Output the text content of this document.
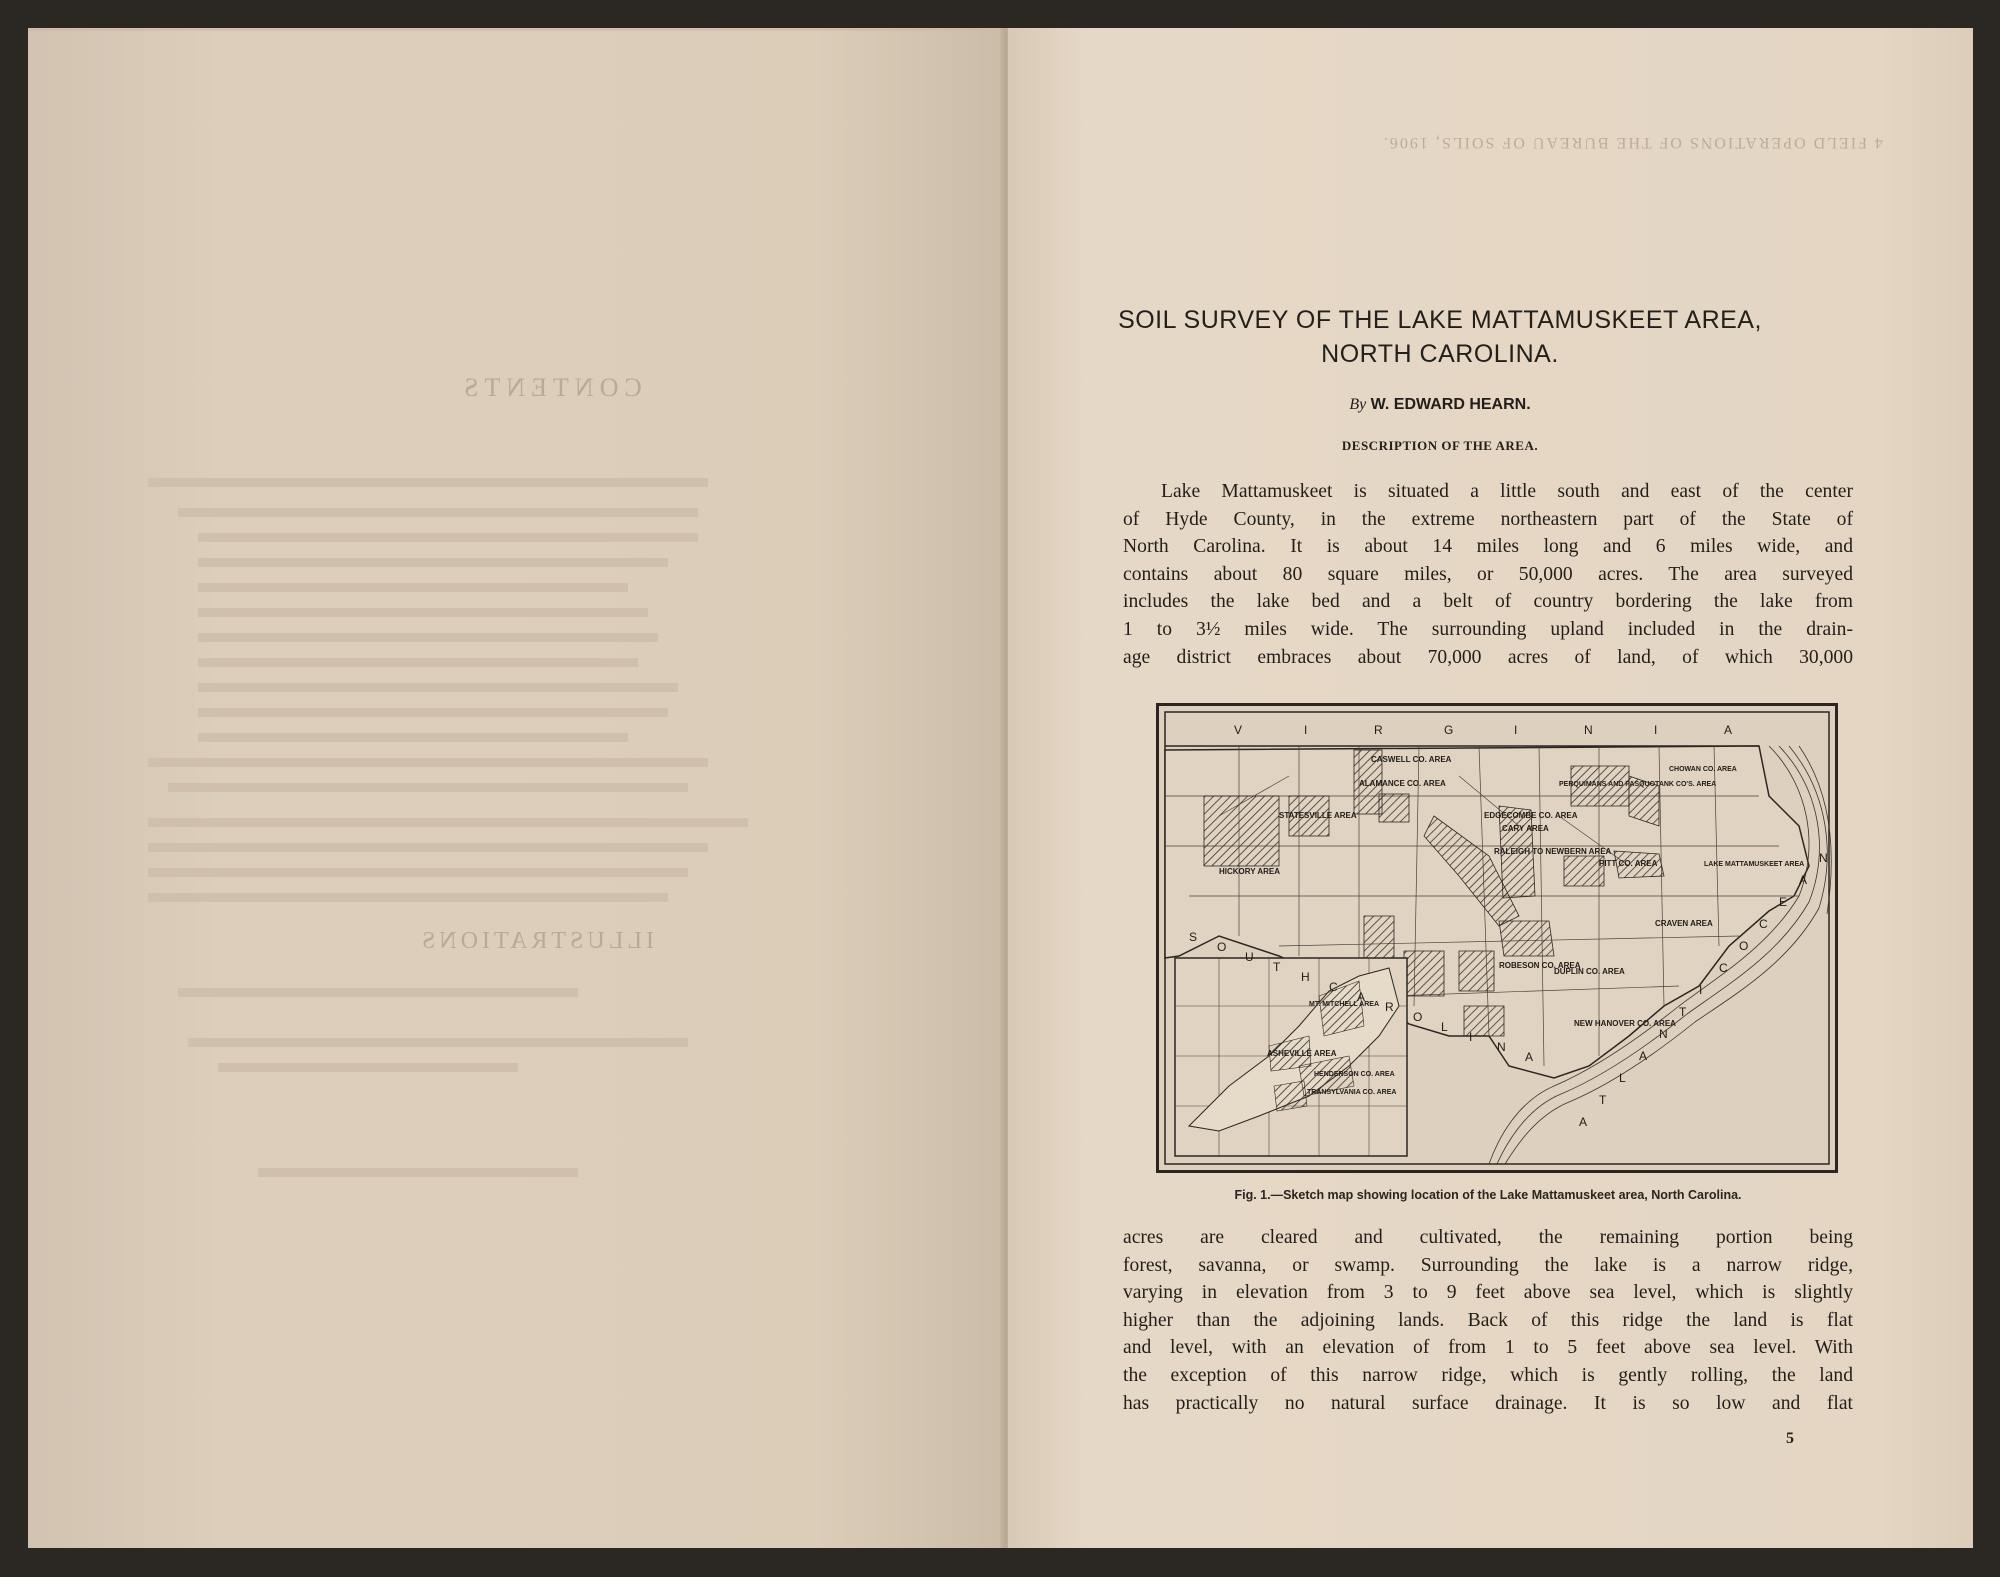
CONTENTS
ILLUSTRATIONS
4 FIELD OPERATIONS OF THE BUREAU OF SOILS, 1906.
SOIL SURVEY OF THE LAKE MATTAMUSKEET AREA,
NORTH CAROLINA.
By W. EDWARD HEARN.
DESCRIPTION OF THE AREA.
Lake Mattamuskeet is situated a little south and east of the center
of Hyde County, in the extreme northeastern part of the State of
North Carolina. It is about 14 miles long and 6 miles wide, and
contains about 80 square miles, or 50,000 acres. The area surveyed
includes the lake bed and a belt of country bordering the lake from
1 to 3½ miles wide. The surrounding upland included in the drain-
age district embraces about 70,000 acres of land, of which 30,000
CASWELL CO. AREA
ALAMANCE CO. AREA
EDGECOMBE CO. AREA
PERQUIMANS AND PASQUOTANK CO'S. AREA
CHOWAN CO. AREA
STATESVILLE AREA
CARY AREA
RALEIGH TO NEWBERN AREA
PITT CO. AREA	LAKE MATTAMUSKEET AREA
HICKORY AREA
CRAVEN AREA
ROBESON CO. AREA
DUPLIN CO. AREA
NEW HANOVER CO. AREA
MT. MITCHELL AREA
ASHEVILLE AREA
HENDERSON CO. AREA
TRANSYLVANIA CO. AREA
V	I	R	G	I	N	I	A
S
O
U
T
H
C
A
R
O
L
I
N
A
A
T
L
A
N
T
I
C
O
C
E
A
N
Fig. 1.—Sketch map showing location of the Lake Mattamuskeet area, North Carolina.
acres are cleared and cultivated, the remaining portion being
forest, savanna, or swamp. Surrounding the lake is a narrow ridge,
varying in elevation from 3 to 9 feet above sea level, which is slightly
higher than the adjoining lands. Back of this ridge the land is flat
and level, with an elevation of from 1 to 5 feet above sea level. With
the exception of this narrow ridge, which is gently rolling, the land
has practically no natural surface drainage. It is so low and flat
5
